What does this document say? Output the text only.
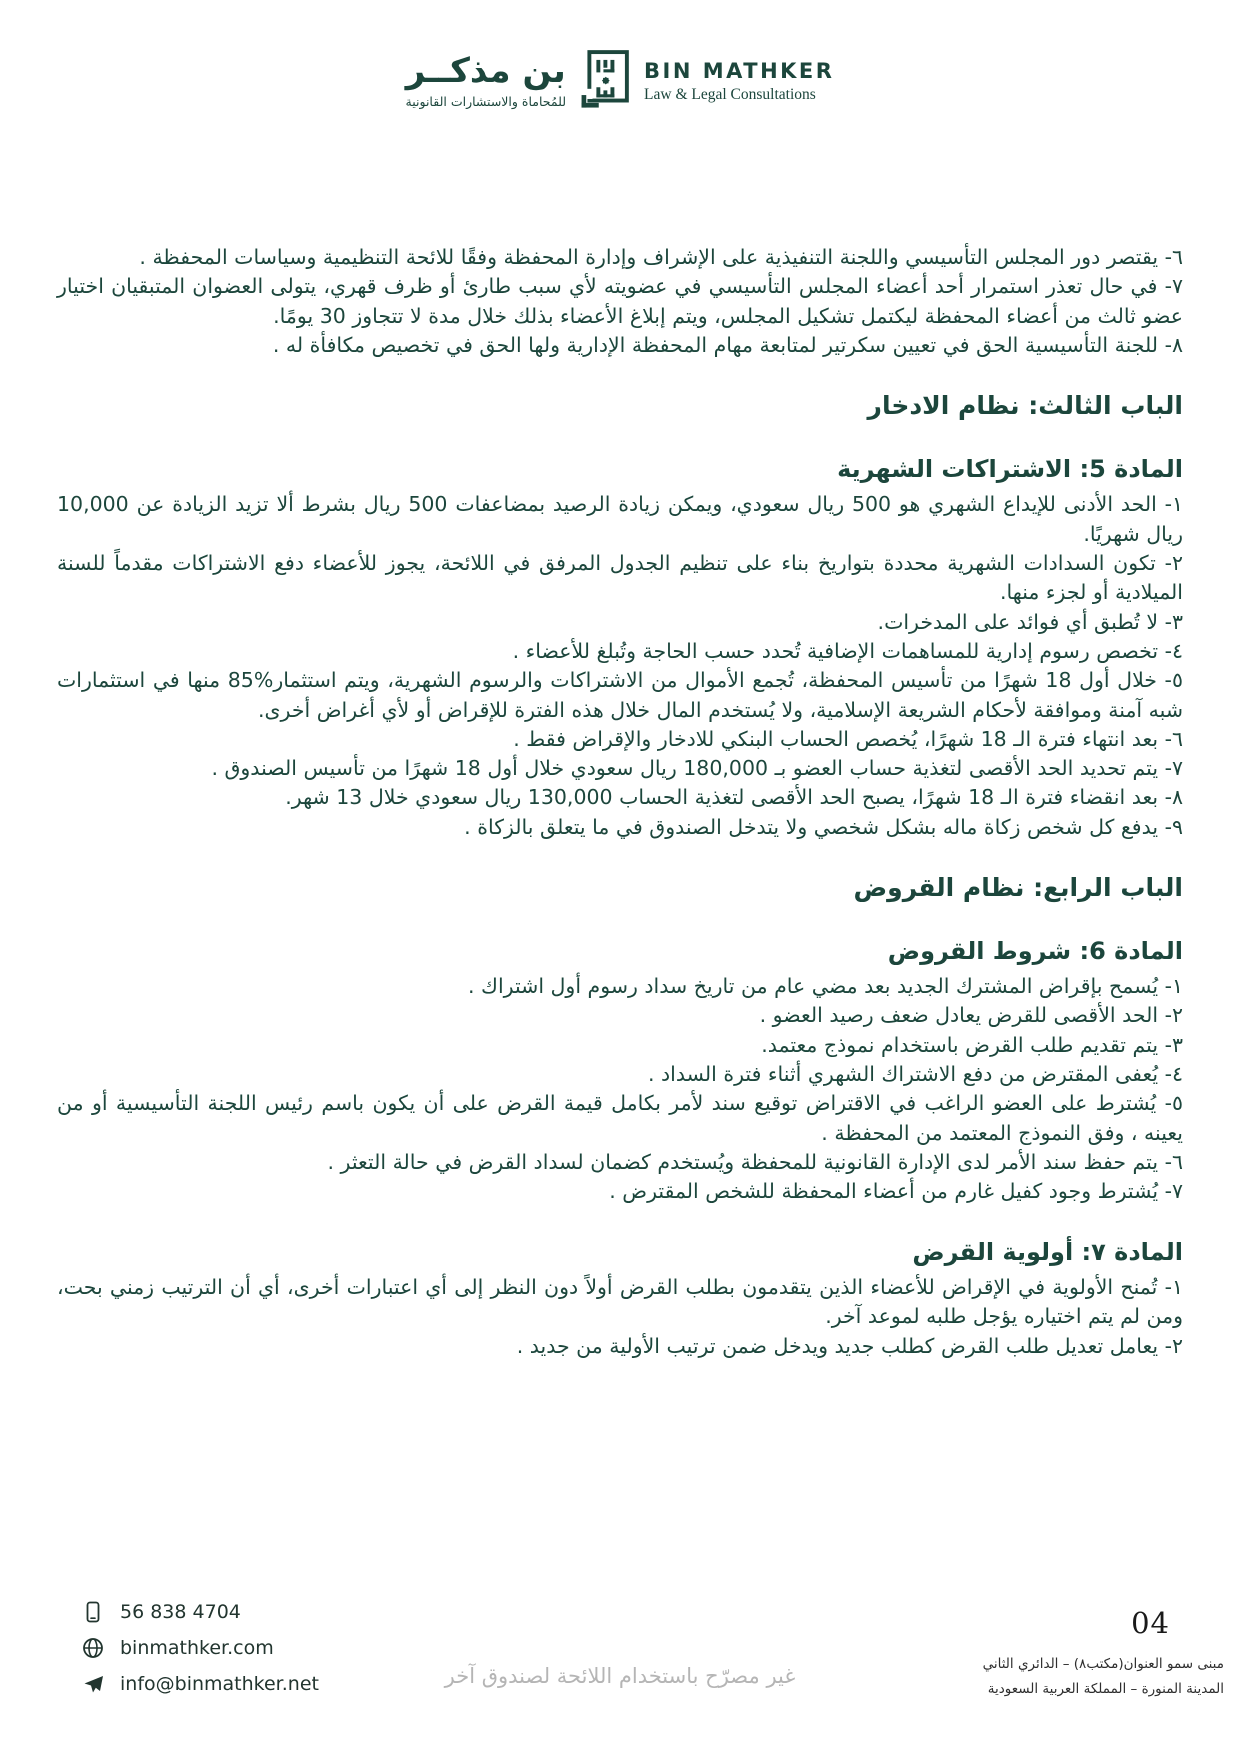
بن مذكــر
للمُحاماة والاستشارات القانونية
BIN MATHKER
Law & Legal Consultations

٦- يقتصر دور المجلس التأسيسي واللجنة التنفيذية على الإشراف وإدارة المحفظة وفقًا للائحة التنظيمية وسياسات المحفظة .

٧- في حال تعذر استمرار أحد أعضاء المجلس التأسيسي في عضويته لأي سبب طارئ أو ظرف قهري، يتولى العضوان المتبقيان اختيار عضو ثالث من أعضاء المحفظة ليكتمل تشكيل المجلس، ويتم إبلاغ الأعضاء بذلك خلال مدة لا تتجاوز 30 يومًا.

٨- للجنة التأسيسية الحق في تعيين سكرتير لمتابعة مهام المحفظة الإدارية ولها الحق في تخصيص مكافأة له .

الباب الثالث: نظام الادخار
المادة 5: الاشتراكات الشهرية

١- الحد الأدنى للإيداع الشهري هو 500 ريال سعودي، ويمكن زيادة الرصيد بمضاعفات 500 ريال بشرط ألا تزيد الزيادة عن 10,000 ريال شهريًا.

٢- تكون السدادات الشهرية محددة بتواريخ بناء على تنظيم الجدول المرفق في اللائحة، يجوز للأعضاء دفع الاشتراكات مقدماً للسنة الميلادية أو لجزء منها.

٣- لا تُطبق أي فوائد على المدخرات.

٤- تخصص رسوم إدارية للمساهمات الإضافية تُحدد حسب الحاجة وتُبلغ للأعضاء .

٥- خلال أول 18 شهرًا من تأسيس المحفظة، تُجمع الأموال من الاشتراكات والرسوم الشهرية، ويتم استثمار%85 منها في استثمارات شبه آمنة وموافقة لأحكام الشريعة الإسلامية، ولا يُستخدم المال خلال هذه الفترة للإقراض أو لأي أغراض أخرى.

٦- بعد انتهاء فترة الـ 18 شهرًا، يُخصص الحساب البنكي للادخار والإقراض فقط .

٧- يتم تحديد الحد الأقصى لتغذية حساب العضو بـ 180,000 ريال سعودي خلال أول 18 شهرًا من تأسيس الصندوق .

٨- بعد انقضاء فترة الـ 18 شهرًا، يصبح الحد الأقصى لتغذية الحساب 130,000 ريال سعودي خلال 13 شهر.

٩- يدفع كل شخص زكاة ماله بشكل شخصي ولا يتدخل الصندوق في ما يتعلق بالزكاة .

الباب الرابع: نظام القروض
المادة 6: شروط القروض

١- يُسمح بإقراض المشترك الجديد بعد مضي عام من تاريخ سداد رسوم أول اشتراك .

٢- الحد الأقصى للقرض يعادل ضعف رصيد العضو .

٣- يتم تقديم طلب القرض باستخدام نموذج معتمد.

٤- يُعفى المقترض من دفع الاشتراك الشهري أثناء فترة السداد .

٥- يُشترط على العضو الراغب في الاقتراض توقيع سند لأمر بكامل قيمة القرض على أن يكون باسم رئيس اللجنة التأسيسية أو من يعينه ، وفق النموذج المعتمد من المحفظة .

٦- يتم حفظ سند الأمر لدى الإدارة القانونية للمحفظة ويُستخدم كضمان لسداد القرض في حالة التعثر .

٧- يُشترط وجود كفيل غارم من أعضاء المحفظة للشخص المقترض .

المادة ٧: أولوية القرض

١- تُمنح الأولوية في الإقراض للأعضاء الذين يتقدمون بطلب القرض أولاً دون النظر إلى أي اعتبارات أخرى، أي أن الترتيب زمني بحت، ومن لم يتم اختياره يؤجل طلبه لموعد آخر.

٢- يعامل تعديل طلب القرض كطلب جديد ويدخل ضمن ترتيب الأولية من جديد .

56 838 4704
binmathker.com
info@binmathker.net	غير مصرّح باستخدام اللائحة لصندوق آخر
04
مبنى سمو العنوان(مكتب٨) – الدائري الثاني
المدينة المنورة – المملكة العربية السعودية
